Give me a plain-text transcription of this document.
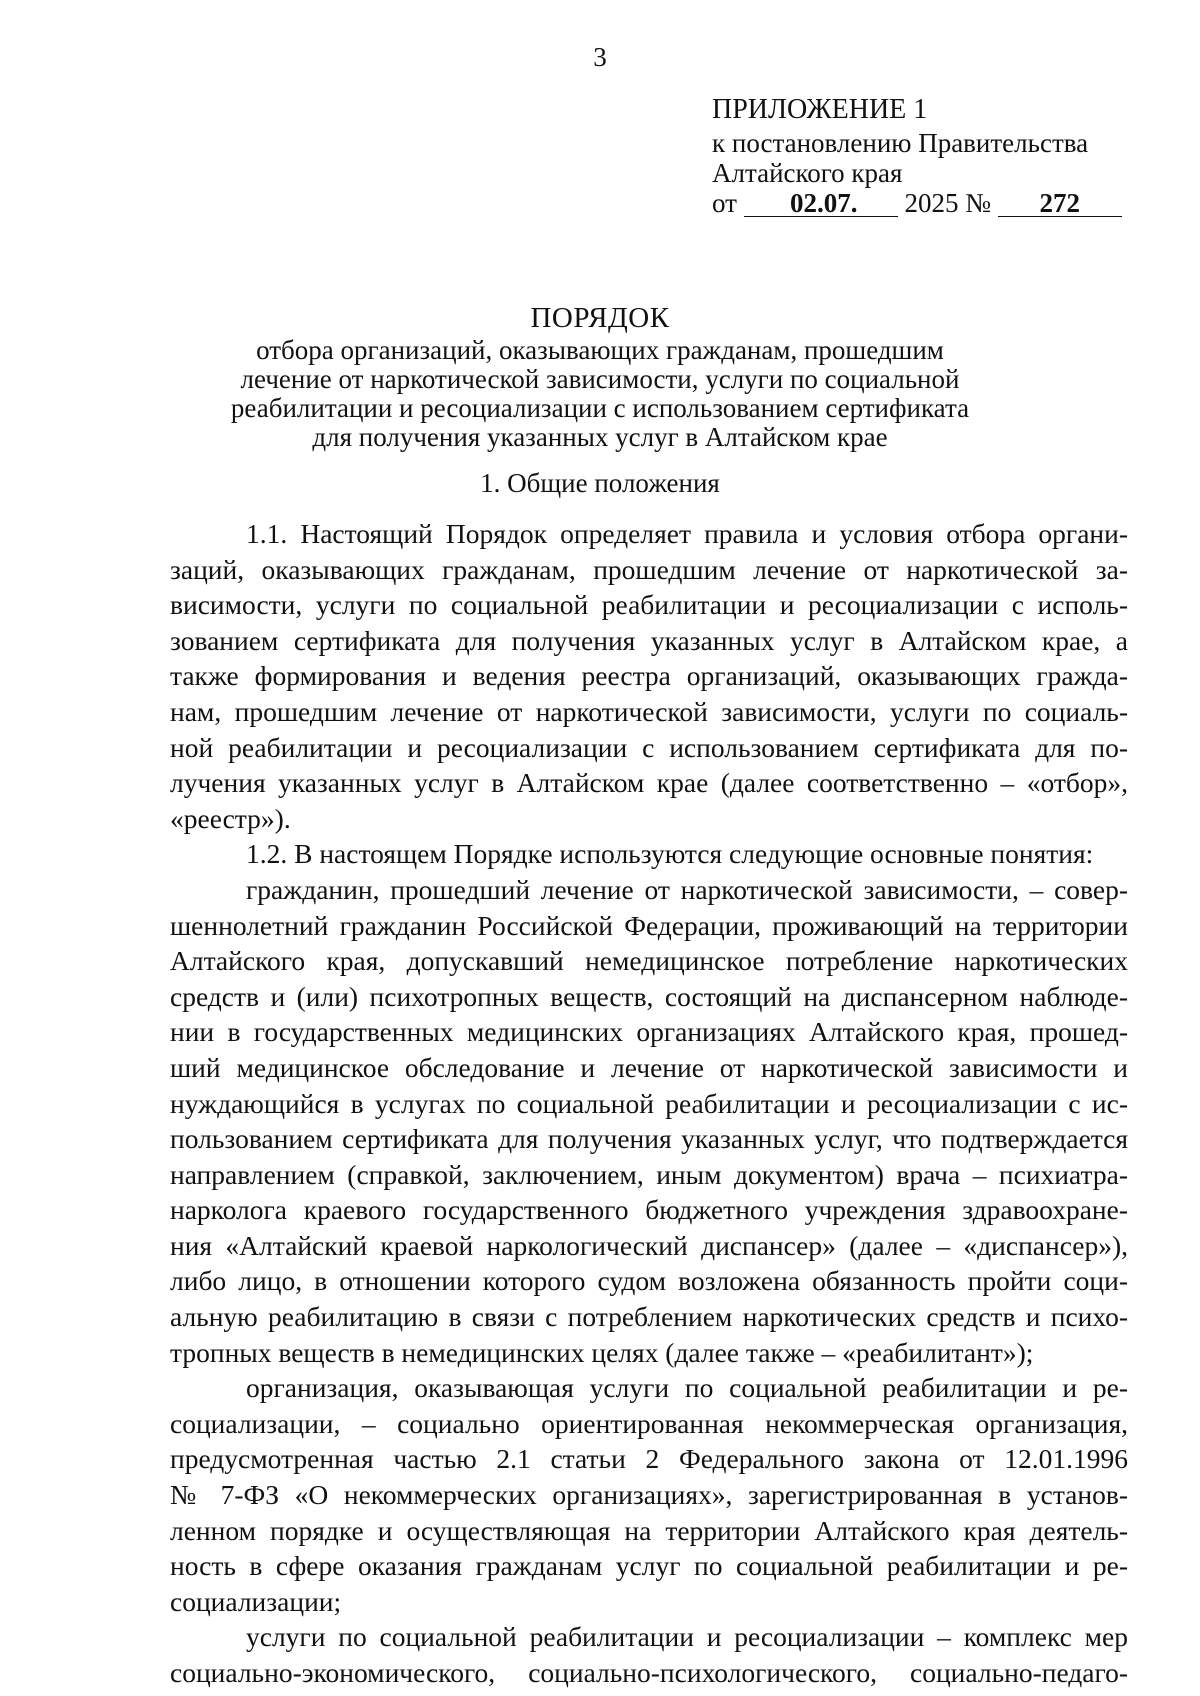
3
ПРИЛОЖЕНИЕ 1
к постановлению Правительства
Алтайского края
от 02.07. 2025 № 272
ПОРЯДОК
отбора организаций, оказывающих гражданам, прошедшим
лечение от наркотической зависимости, услуги по социальной
реабилитации и ресоциализации с использованием сертификата
для получения указанных услуг в Алтайском крае
1. Общие положения
1.1. Настоящий Порядок определяет правила и условия отбора органи-
заций, оказывающих гражданам, прошедшим лечение от наркотической за-
висимости, услуги по социальной реабилитации и ресоциализации с исполь-
зованием сертификата для получения указанных услуг в Алтайском крае, а
также формирования и ведения реестра организаций, оказывающих гражда-
нам, прошедшим лечение от наркотической зависимости, услуги по социаль-
ной реабилитации и ресоциализации с использованием сертификата для по-
лучения указанных услуг в Алтайском крае (далее соответственно – «отбор»,
«реестр»).
1.2. В настоящем Порядке используются следующие основные понятия:
гражданин, прошедший лечение от наркотической зависимости, – совер-
шеннолетний гражданин Российской Федерации, проживающий на территории
Алтайского края, допускавший немедицинское потребление наркотических
средств и (или) психотропных веществ, состоящий на диспансерном наблюде-
нии в государственных медицинских организациях Алтайского края, прошед-
ший медицинское обследование и лечение от наркотической зависимости и
нуждающийся в услугах по социальной реабилитации и ресоциализации с ис-
пользованием сертификата для получения указанных услуг, что подтверждается
направлением (справкой, заключением, иным документом) врача – психиатра-
нарколога краевого государственного бюджетного учреждения здравоохране-
ния «Алтайский краевой наркологический диспансер» (далее – «диспансер»),
либо лицо, в отношении которого судом возложена обязанность пройти соци-
альную реабилитацию в связи с потреблением наркотических средств и психо-
тропных веществ в немедицинских целях (далее также – «реабилитант»);
организация, оказывающая услуги по социальной реабилитации и ре-
социализации, – социально ориентированная некоммерческая организация,
предусмотренная частью 2.1 статьи 2 Федерального закона от 12.01.1996
№ 7-ФЗ «О некоммерческих организациях», зарегистрированная в установ-
ленном порядке и осуществляющая на территории Алтайского края деятель-
ность в сфере оказания гражданам услуг по социальной реабилитации и ре-
социализации;
услуги по социальной реабилитации и ресоциализации – комплекс мер
социально-экономического, социально-психологического, социально-педаго-
